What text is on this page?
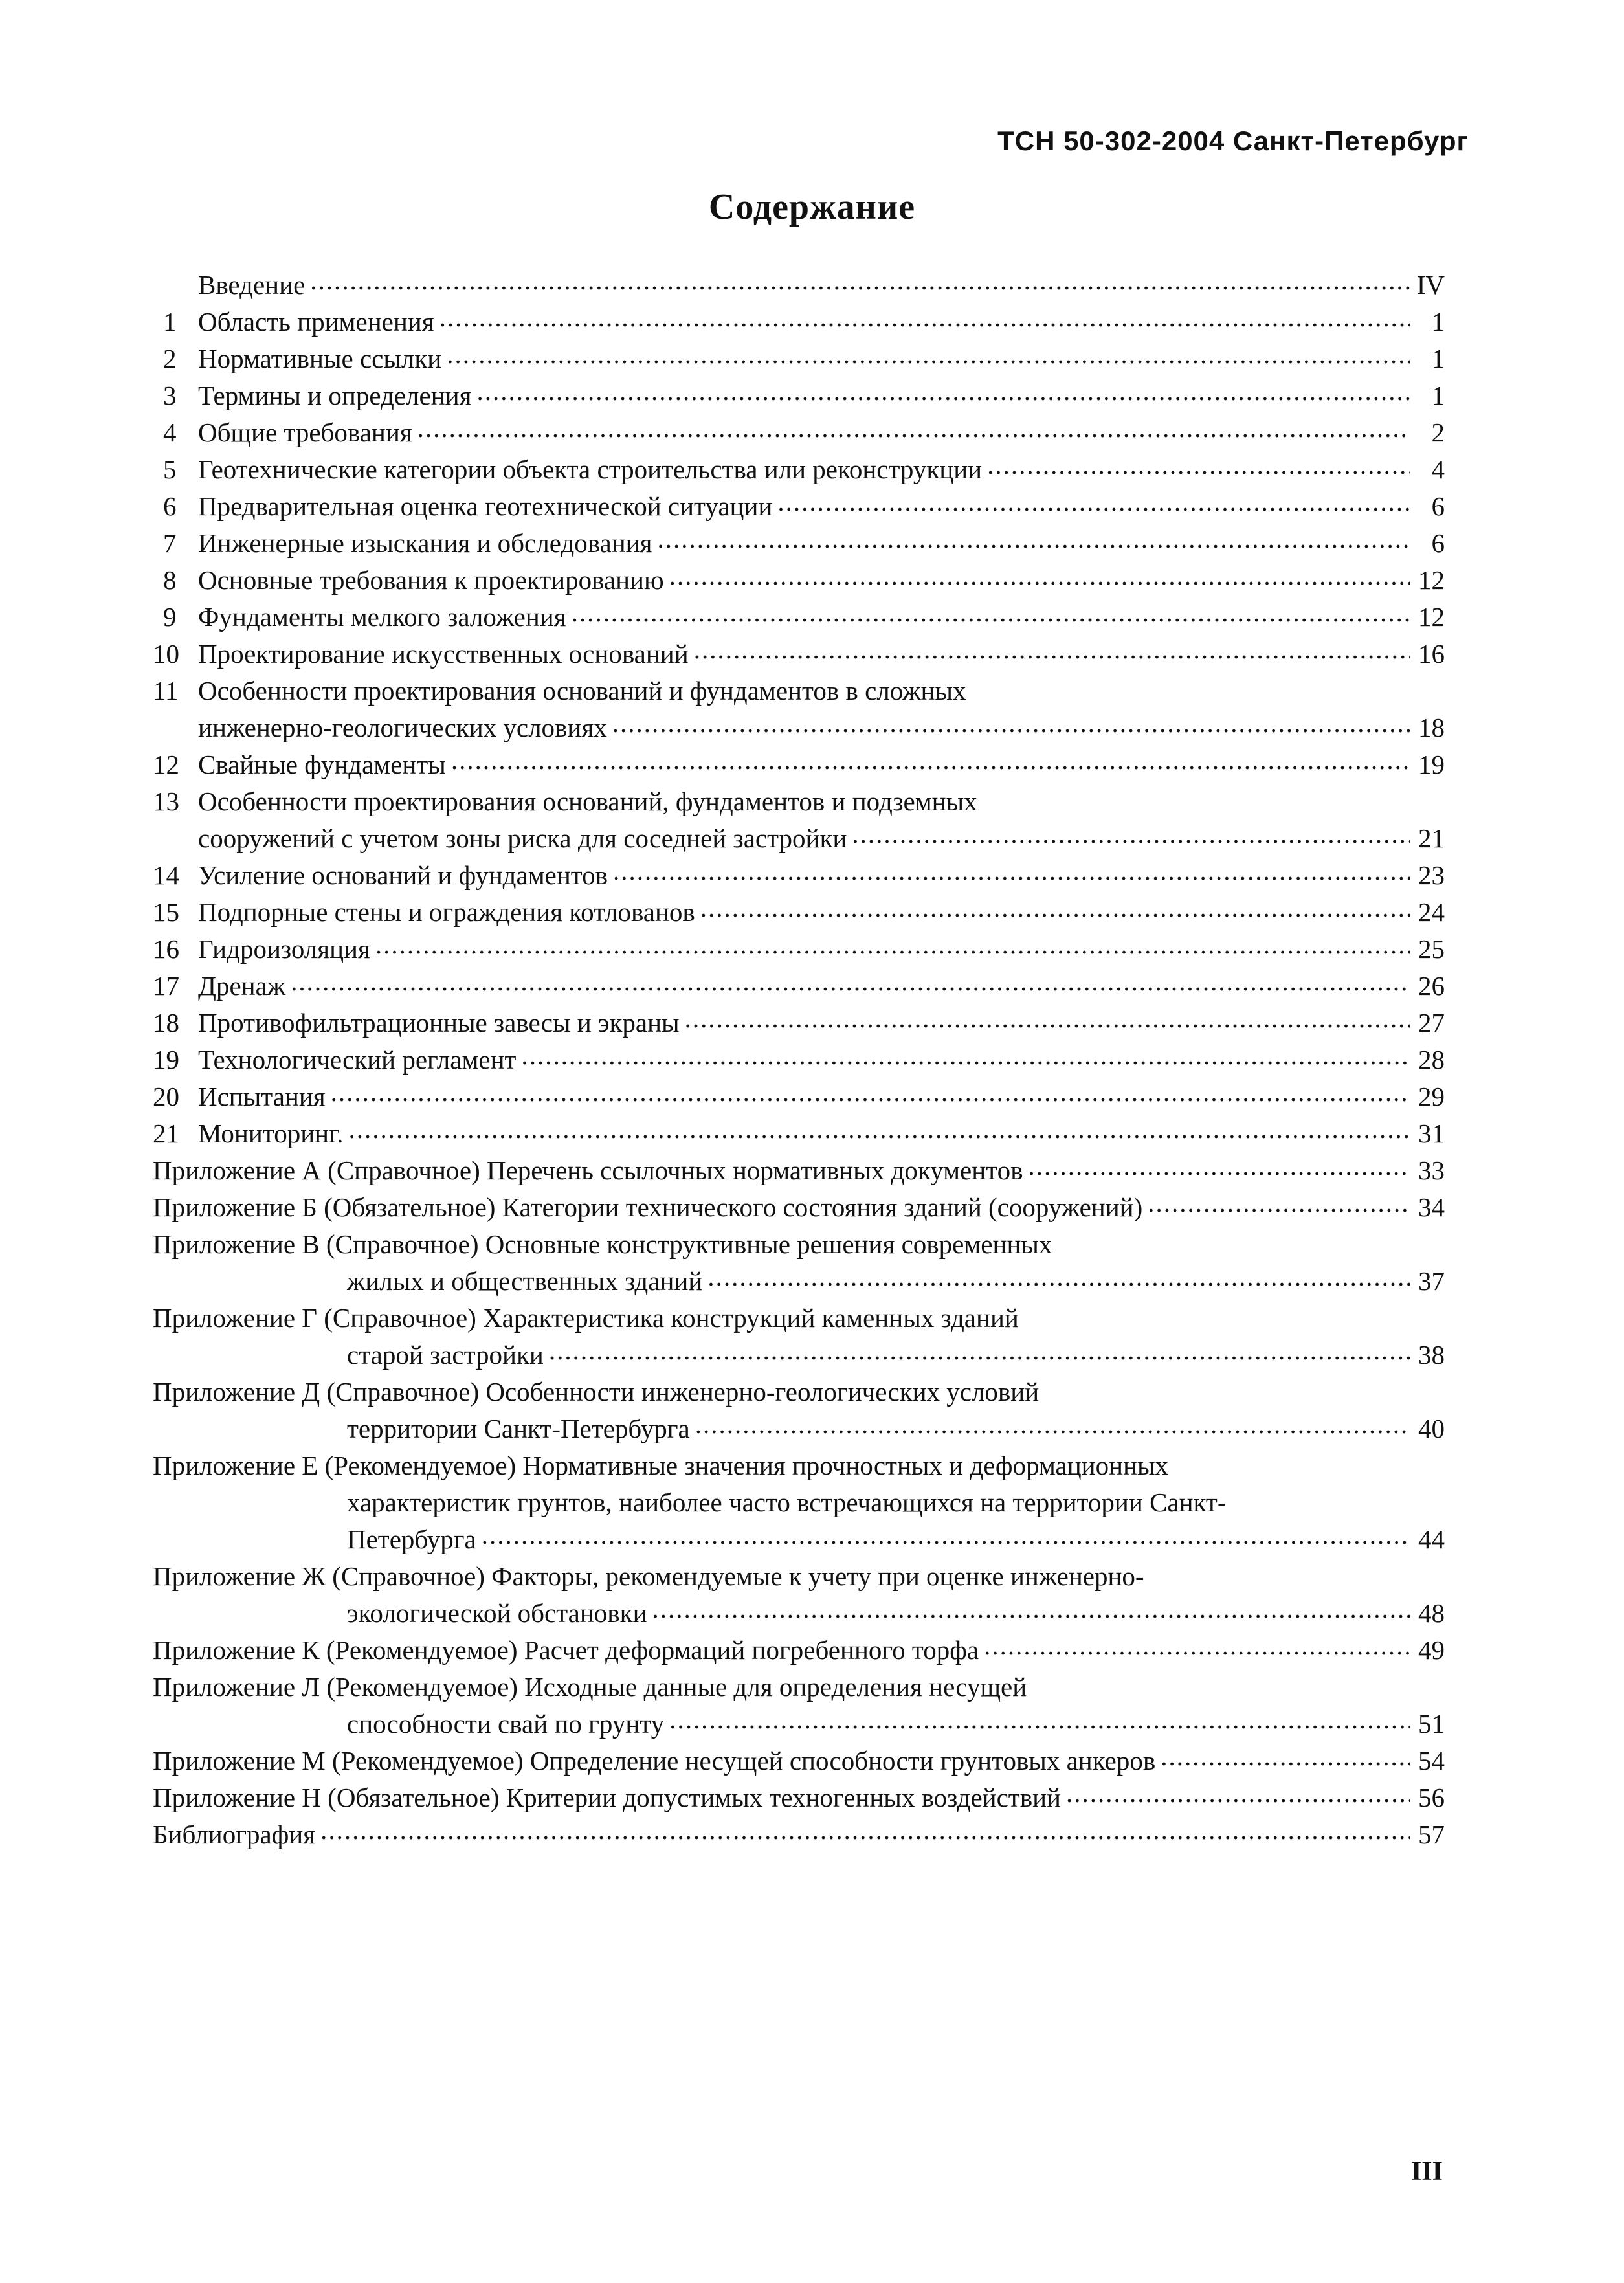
ТСН 50-302-2004 Санкт-Петербург
Содержание
Введение .....	IV
1 Область применения .....	1
2 Нормативные ссылки .....	1
3 Термины и определения .....	1
4 Общие требования .....	2
5 Геотехнические категории объекта строительства или реконструкции .....	4
6 Предварительная оценка геотехнической ситуации .....	6
7 Инженерные изыскания и обследования .....	6
8 Основные требования к проектированию .....	12
9 Фундаменты мелкого заложения .....	12
10 Проектирование искусственных оснований .....	16
11 Особенности проектирования оснований и фундаментов в сложных
инженерно-геологических условиях .....	18
12 Свайные фундаменты .....	19
13 Особенности проектирования оснований, фундаментов и подземных
сооружений с учетом зоны риска для соседней застройки .....	21
14 Усиление оснований и фундаментов .....	23
15 Подпорные стены и ограждения котлованов .....	24
16 Гидроизоляция .....	25
17 Дренаж .....	26
18 Противофильтрационные завесы и экраны .....	27
19 Технологический регламент .....	28
20 Испытания .....	29
21 Мониторинг. .....	31
Приложение А (Справочное) Перечень ссылочных нормативных документов .....	33
Приложение Б (Обязательное) Категории технического состояния зданий (сооружений) .....	34
Приложение В (Справочное) Основные конструктивные решения современных
жилых и общественных зданий .....	37
Приложение Г (Справочное) Характеристика конструкций каменных зданий
старой застройки .....	38
Приложение Д (Справочное) Особенности инженерно-геологических условий
территории Санкт-Петербурга .....	40
Приложение Е (Рекомендуемое) Нормативные значения прочностных и деформационных
характеристик грунтов, наиболее часто встречающихся на территории Санкт-
Петербурга .....	44
Приложение Ж (Справочное) Факторы, рекомендуемые к учету при оценке инженерно-
экологической обстановки .....	48
Приложение К (Рекомендуемое) Расчет деформаций погребенного торфа .....	49
Приложение Л (Рекомендуемое) Исходные данные для определения несущей
способности свай по грунту .....	51
Приложение М (Рекомендуемое) Определение несущей способности грунтовых анкеров .....	54
Приложение Н (Обязательное) Критерии допустимых техногенных воздействий .....	56
Библиография .....	57
III
